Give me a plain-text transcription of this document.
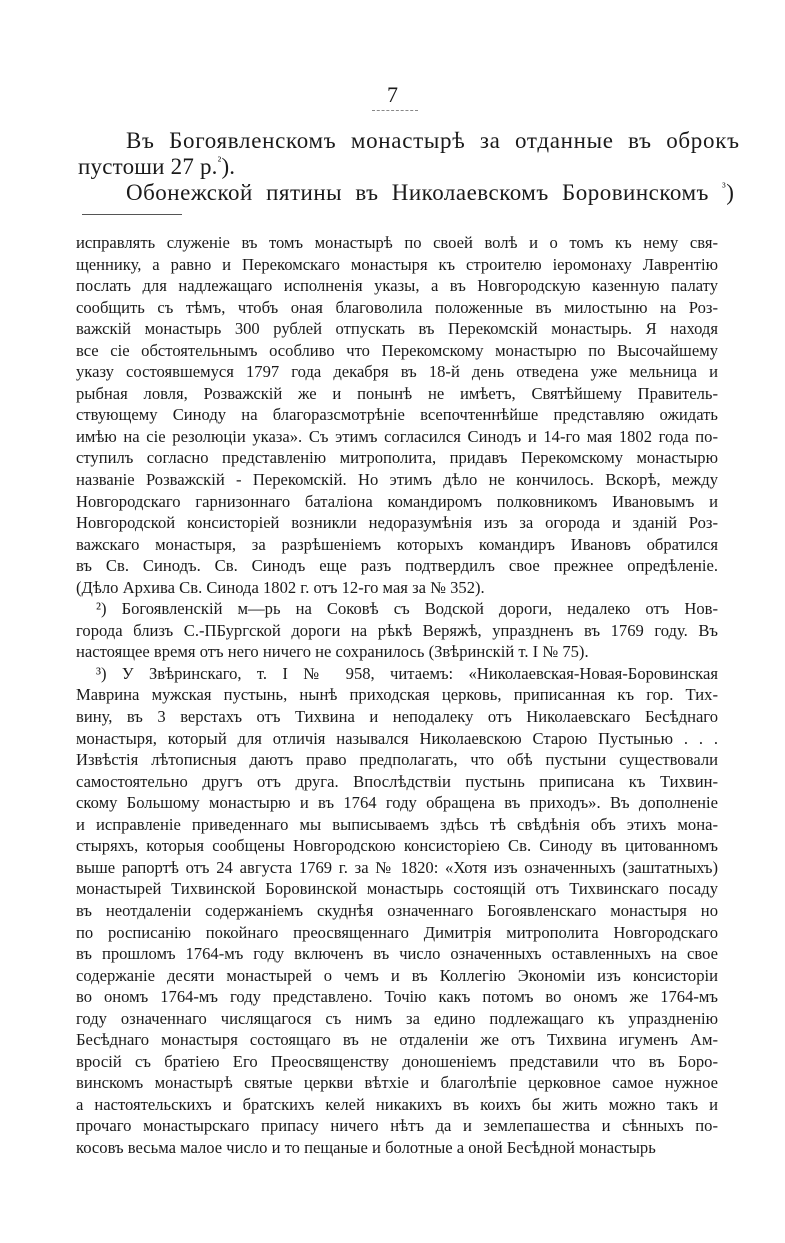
7

Въ Богоявленскомъ монастырѣ за отданные въ оброкъ

пустоши 27 р.$^{^2}$).

Обонежской пятины въ Николаевскомъ Боровинскомъ $^{^3}$)

исправлять служеніе въ томъ монастырѣ по своей волѣ и о томъ къ нему свя-

щеннику, а равно и Перекомскаго монастыря къ строителю іеромонаху Лаврентію

послать для надлежащаго исполненія указы, а въ Новгородскую казенную палату

сообщить съ тѣмъ, чтобъ оная благоволила положенные въ милостыню на Роз-

важскій монастырь 300 рублей отпускать въ Перекомскій монастырь. Я находя

все сіе обстоятельнымъ особливо что Перекомскому монастырю по Высочайшему

указу состоявшемуся 1797 года декабря въ 18-й день отведена уже мельница и

рыбная ловля, Розважскій же и понынѣ не имѣетъ, Святѣйшему Правитель-

ствующему Синоду на благоразсмотрѣніе всепочтеннѣйше представляю ожидать

имѣю на сіе резолюціи указа». Съ этимъ согласился Синодъ и 14-го мая 1802 года по-

ступилъ согласно представленію митрополита, придавъ Перекомскому монастырю

названіе Розважскій - Перекомскій. Но этимъ дѣло не кончилось. Вскорѣ, между

Новгородскаго гарнизоннаго баталіона командиромъ полковникомъ Ивановымъ и

Новгородской консисторіей возникли недоразумѣнія изъ за огорода и зданій Роз-

важскаго монастыря, за разрѣшеніемъ которыхъ командиръ Ивановъ обратился

въ Св. Синодъ. Св. Синодъ еще разъ подтвердилъ свое прежнее опредѣленіе.

(Дѣло Архива Св. Синода 1802 г. отъ 12-го мая за № 352).

²) Богоявленскій м—рь на Соковѣ съ Водской дороги, недалеко отъ Нов-

города близъ С.-ПБургской дороги на рѣкѣ Веряжѣ, упраздненъ въ 1769 году. Въ

настоящее время отъ него ничего не сохранилось (Звѣринскій т. I № 75).

³) У Звѣринскаго, т. I № 958, читаемъ: «Николаевская-Новая-Боровинская

Маврина мужская пустынь, нынѣ приходская церковь, приписанная къ гор. Тих-

вину, въ 3 верстахъ отъ Тихвина и неподалеку отъ Николаевскаго Бесѣднаго

монастыря, который для отличія назывался Николаевскою Старою Пустынью . . .

Извѣстія лѣтописныя даютъ право предполагать, что обѣ пустыни существовали

самостоятельно другъ отъ друга. Впослѣдствіи пустынь приписана къ Тихвин-

скому Большому монастырю и въ 1764 году обращена въ приходъ». Въ дополненіе

и исправленіе приведеннаго мы выписываемъ здѣсь тѣ свѣдѣнія объ этихъ мона-

стыряхъ, которыя сообщены Новгородскою консисторіею Св. Синоду въ цитованномъ

выше рапортѣ отъ 24 августа 1769 г. за № 1820: «Хотя изъ означенныхъ (заштатныхъ)

монастырей Тихвинской Боровинской монастырь состоящій отъ Тихвинскаго посаду

въ неотдаленіи содержаніемъ скуднѣя означеннаго Богоявленскаго монастыря но

по росписанію покойнаго преосвященнаго Димитрія митрополита Новгородскаго

въ прошломъ 1764-мъ году включенъ въ число означенныхъ оставленныхъ на свое

содержаніе десяти монастырей о чемъ и въ Коллегію Экономіи изъ консисторіи

во ономъ 1764-мъ году представлено. Точію какъ потомъ во ономъ же 1764-мъ

году означеннаго числящагося съ нимъ за едино подлежащаго къ упраздненію

Бесѣднаго монастыря состоящаго въ не отдаленіи же отъ Тихвина игуменъ Ам-

вросій съ братіею Его Преосвященству доношеніемъ представили что въ Боро-

винскомъ монастырѣ святые церкви вѣтхіе и благолѣпіе церковное самое нужное

а настоятельскихъ и братскихъ келей никакихъ въ коихъ бы жить можно такъ и

прочаго монастырскаго припасу ничего нѣтъ да и землепашества и сѣнныхъ по-

косовъ весьма малое число и то пещаные и болотные а оной Бесѣдной монастырь
